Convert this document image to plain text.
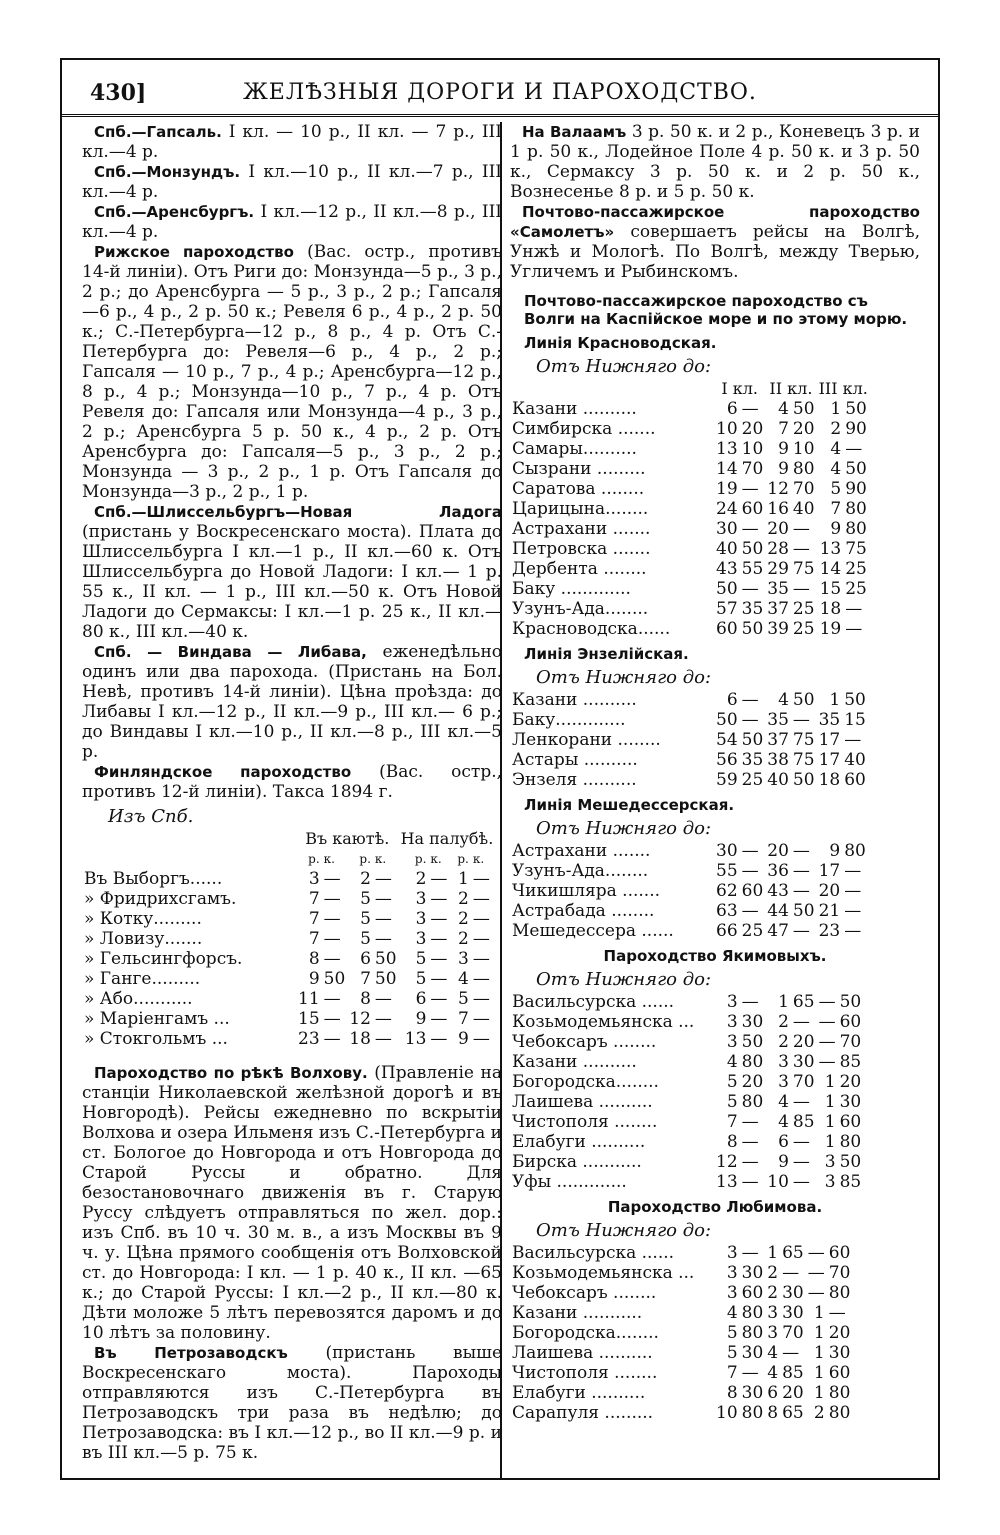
430]	ЖЕЛѢЗНЫЯ ДОРОГИ И ПАРОХОДСТВО.

Спб.—Гапсаль. I кл. — 10 р., II кл. — 7 р., III кл.—4 р.

Спб.—Монзундъ. I кл.—10 р., II кл.—7 р., III кл.—4 р.

Спб.—Аренсбургъ. I кл.—12 р., II кл.—8 р., III кл.—4 р.

Рижское пароходство (Вас. остр., противъ 14-й линіи). Отъ Риги до: Монзунда—5 р., 3 р., 2 р.; до Аренсбурга — 5 р., 3 р., 2 р.; Гапсаля—6 р., 4 р., 2 р. 50 к.; Ревеля 6 р., 4 р., 2 р. 50 к.; С.-Петербурга—12 р., 8 р., 4 р. Отъ С.-Петербурга до: Ревеля—6 р., 4 р., 2 р.; Гапсаля — 10 р., 7 р., 4 р.; Аренсбурга—12 р., 8 р., 4 р.; Монзунда—10 р., 7 р., 4 р. Отъ Ревеля до: Гапсаля или Монзунда—4 р., 3 р., 2 р.; Аренсбурга 5 р. 50 к., 4 р., 2 р. Отъ Аренсбурга до: Гапсаля—5 р., 3 р., 2 р.; Монзунда — 3 р., 2 р., 1 р. Отъ Гапсаля до Монзунда—3 р., 2 р., 1 р.

Спб.—Шлиссельбургъ—Новая Ладога (пристань у Воскресенскаго моста). Плата до Шлиссельбурга I кл.—1 р., II кл.—60 к. Отъ Шлиссельбурга до Новой Ладоги: I кл.— 1 р. 55 к., II кл. — 1 р., III кл.—50 к. Отъ Новой Ладоги до Сермаксы: I кл.—1 р. 25 к., II кл.—80 к., III кл.—40 к.

Спб. — Виндава — Либава, еженедѣльно одинъ или два парохода. (Пристань на Бол. Невѣ, противъ 14-й линіи). Цѣна проѣзда: до Либавы I кл.—12 р., II кл.—9 р., III кл.— 6 р.; до Виндавы I кл.—10 р., II кл.—8 р., III кл.—5 р.

Финляндское пароходство (Вас. остр., противъ 12-й линіи). Такса 1894 г.

Изъ Спб.
	Въ каютѣ.				На палубѣ.			
	р.	к.	р.	к.	р.	к.	р.	к.
Въ Выборгъ......	3	—	2	—	2	—	1	—
» Фридрихсгамъ.	7	—	5	—	3	—	2	—
» Котку.........	7	—	5	—	3	—	2	—
» Ловизу.......	7	—	5	—	3	—	2	—
» Гельсингфорсъ.	8	—	6	50	5	—	3	—
» Ганге.........	9	50	7	50	5	—	4	—
» Або...........	11	—	8	—	6	—	5	—
» Маріенгамъ ...	15	—	12	—	9	—	7	—
» Стокгольмъ ...	23	—	18	—	13	—	9	—

Пароходство по рѣкѣ Волхову. (Правленіе на станціи Николаевской желѣзной дорогѣ и въ Новгородѣ). Рейсы ежедневно по вскрытіи Волхова и озера Ильменя изъ С.-Петербурга и ст. Бологое до Новгорода и отъ Новгорода до Старой Руссы и обратно. Для безостановочнаго движенія въ г. Старую Руссу слѣдуетъ отправляться по жел. дор.: изъ Спб. въ 10 ч. 30 м. в., а изъ Москвы въ 9 ч. у. Цѣна прямого сообщенія отъ Волховской ст. до Новгорода: I кл. — 1 р. 40 к., II кл. —65 к.; до Старой Руссы: I кл.—2 р., II кл.—80 к. Дѣти моложе 5 лѣтъ перевозятся даромъ и до 10 лѣтъ за половину.

Въ Петрозаводскъ (пристань выше Воскресенскаго моста). Пароходы отправляются изъ С.-Петербурга въ Петрозаводскъ три раза въ недѣлю; до Петрозаводска: въ I кл.—12 р., во II кл.—9 р. и въ III кл.—5 р. 75 к.

На Валаамъ 3 р. 50 к. и 2 р., Коневецъ 3 р. и 1 р. 50 к., Лодейное Поле 4 р. 50 к. и 3 р. 50 к., Сермаксу 3 р. 50 к. и 2 р. 50 к., Вознесенье 8 р. и 5 р. 50 к.

Почтово-пассажирское пароходство «Самолетъ» совершаетъ рейсы на Волгѣ, Унжѣ и Мологѣ. По Волгѣ, между Тверью, Угличемъ и Рыбинскомъ.

Почтово-пассажирское пароходство съ Волги на Каспійское море и по этому морю.
Линія Красноводская.
Отъ Нижняго до:
	I кл.		II кл.		III кл.	
Казани ..........	6	—	4	50	1	50
Симбирска .......	10	20	7	20	2	90
Самары..........	13	10	9	10	4	—
Сызрани .........	14	70	9	80	4	50
Саратова ........	19	—	12	70	5	90
Царицына........	24	60	16	40	7	80
Астрахани .......	30	—	20	—	9	80
Петровска .......	40	50	28	—	13	75
Дербента ........	43	55	29	75	14	25
Баку .............	50	—	35	—	15	25
Узунъ-Ада........	57	35	37	25	18	—
Красноводска......	60	50	39	25	19	—
Линія Энзелійская.
Отъ Нижняго до:
Казани ..........	6	—	4	50	1	50
Баку.............	50	—	35	—	35	15
Ленкорани ........	54	50	37	75	17	—
Астары ..........	56	35	38	75	17	40
Энзеля ..........	59	25	40	50	18	60
Линія Мешедессерская.
Отъ Нижняго до:
Астрахани .......	30	—	20	—	9	80
Узунъ-Ада........	55	—	36	—	17	—
Чикишляра .......	62	60	43	—	20	—
Астрабада ........	63	—	44	50	21	—
Мешедессера ......	66	25	47	—	23	—
Пароходство Якимовыхъ.
Отъ Нижняго до:
Васильсурска ......	3	—	1	65	—	50
Козьмодемьянска ...	3	30	2	—	—	60
Чебоксаръ ........	3	50	2	20	—	70
Казани ..........	4	80	3	30	—	85
Богородска........	5	20	3	70	1	20
Лаишева ..........	5	80	4	—	1	30
Чистополя ........	7	—	4	85	1	60
Елабуги ..........	8	—	6	—	1	80
Бирска ...........	12	—	9	—	3	50
Уфы .............	13	—	10	—	3	85
Пароходство Любимова.
Отъ Нижняго до:
Васильсурска ......	3	—	1	65	—	60
Козьмодемьянска ...	3	30	2	—	—	70
Чебоксаръ ........	3	60	2	30	—	80
Казани ...........	4	80	3	30	1	—
Богородска........	5	80	3	70	1	20
Лаишева ..........	5	30	4	—	1	30
Чистополя ........	7	—	4	85	1	60
Елабуги ..........	8	30	6	20	1	80
Сарапуля .........	10	80	8	65	2	80
